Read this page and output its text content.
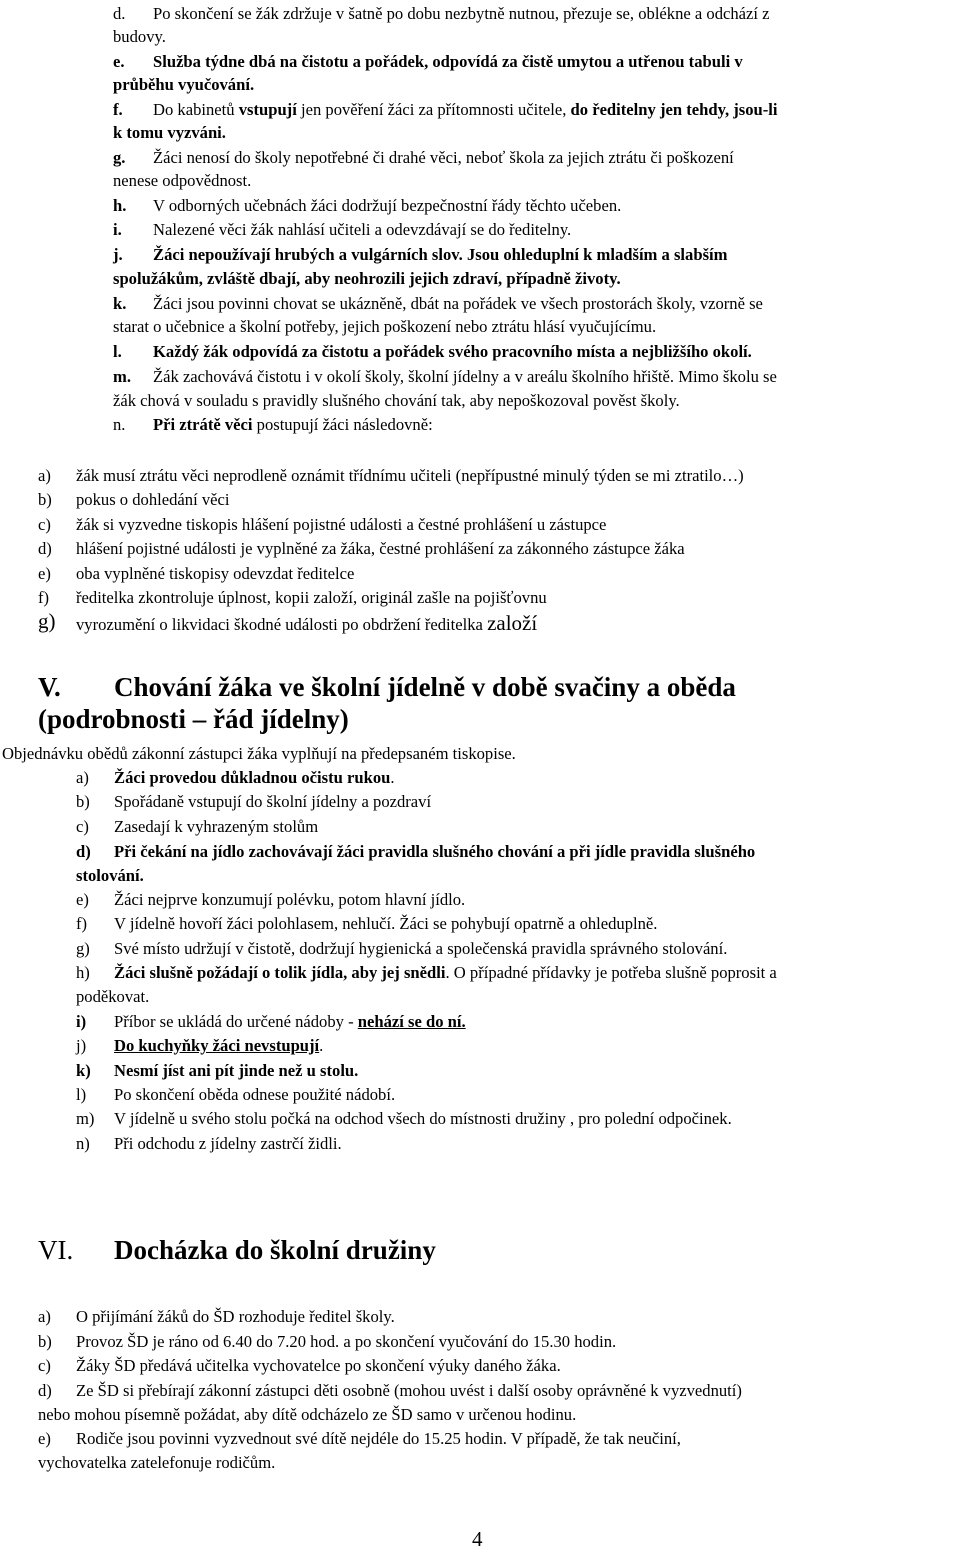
d. Po skončení se žák zdržuje v šatně po dobu nezbytně nutnou, přezuje se, oblékne a odchází z
budovy.
e. Služba týdne dbá na čistotu a pořádek, odpovídá za čistě umytou a utřenou tabuli v
průběhu vyučování.
f. Do kabinetů vstupují jen pověření žáci za přítomnosti učitele, do ředitelny jen tehdy, jsou-li
k tomu vyzváni.
g. Žáci nenosí do školy nepotřebné či drahé věci, neboť škola za jejich ztrátu či poškození
nenese odpovědnost.
h. V odborných učebnách žáci dodržují bezpečnostní řády těchto učeben.
i. Nalezené věci žák nahlásí učiteli a odevzdávají se do ředitelny.
j. Žáci nepoužívají hrubých a vulgárních slov. Jsou ohleduplní k mladším a slabším
spolužákům, zvláště dbají, aby neohrozili jejich zdraví, případně životy.
k. Žáci jsou povinni chovat se ukázněně, dbát na pořádek ve všech prostorách školy, vzorně se
starat o učebnice a školní potřeby, jejich poškození nebo ztrátu hlásí vyučujícímu.
l. Každý žák odpovídá za čistotu a pořádek svého pracovního místa a nejbližšího okolí.
m. Žák zachovává čistotu i v okolí školy, školní jídelny a v areálu školního hřiště. Mimo školu se
žák chová v souladu s pravidly slušného chování tak, aby nepoškozoval pověst školy.
n. Při ztrátě věci postupují žáci následovně:
a) žák musí ztrátu věci neprodleně oznámit třídnímu učiteli (nepřípustné minulý týden se mi ztratilo…)
b) pokus o dohledání věci
c) žák si vyzvedne tiskopis hlášení pojistné události a čestné prohlášení u zástupce
d) hlášení pojistné události je vyplněné za žáka, čestné prohlášení za zákonného zástupce žáka
e) oba vyplněné tiskopisy odevzdat ředitelce
f) ředitelka zkontroluje úplnost, kopii založí, originál zašle na pojišťovnu
g) vyrozumění o likvidaci škodné události po obdržení ředitelka založí
V. Chování žáka ve školní jídelně v době svačiny a oběda
(podrobnosti – řád jídelny)
Objednávku obědů zákonní zástupci žáka vyplňují na předepsaném tiskopise.
a) Žáci provedou důkladnou očistu rukou.
b) Spořádaně vstupují do školní jídelny a pozdraví
c) Zasedají k vyhrazeným stolům
d) Při čekání na jídlo zachovávají žáci pravidla slušného chování a při jídle pravidla slušného
stolování.
e) Žáci nejprve konzumují polévku, potom hlavní jídlo.
f) V jídelně hovoří žáci polohlasem, nehlučí. Žáci se pohybují opatrně a ohleduplně.
g) Své místo udržují v čistotě, dodržují hygienická a společenská pravidla správného stolování.
h) Žáci slušně požádají o tolik jídla, aby jej snědli. O případné přídavky je potřeba slušně poprosit a
poděkovat.
i) Příbor se ukládá do určené nádoby - nehází se do ní.
j) Do kuchyňky žáci nevstupují.
k) Nesmí jíst ani pít jinde než u stolu.
l) Po skončení oběda odnese použité nádobí.
m) V jídelně u svého stolu počká na odchod všech do místnosti družiny , pro polední odpočinek.
n) Při odchodu z jídelny zastrčí židli.
VI. Docházka do školní družiny
a) O přijímání žáků do ŠD rozhoduje ředitel školy.
b) Provoz ŠD je ráno od 6.40 do 7.20 hod. a po skončení vyučování do 15.30 hodin.
c) Žáky ŠD předává učitelka vychovatelce po skončení výuky daného žáka.
d) Ze ŠD si přebírají zákonní zástupci děti osobně (mohou uvést i další osoby oprávněné k vyzvednutí)
nebo mohou písemně požádat, aby dítě odcházelo ze ŠD samo v určenou hodinu.
e) Rodiče jsou povinni vyzvednout své dítě nejdéle do 15.25 hodin. V případě, že tak neučiní,
vychovatelka zatelefonuje rodičům.
4
